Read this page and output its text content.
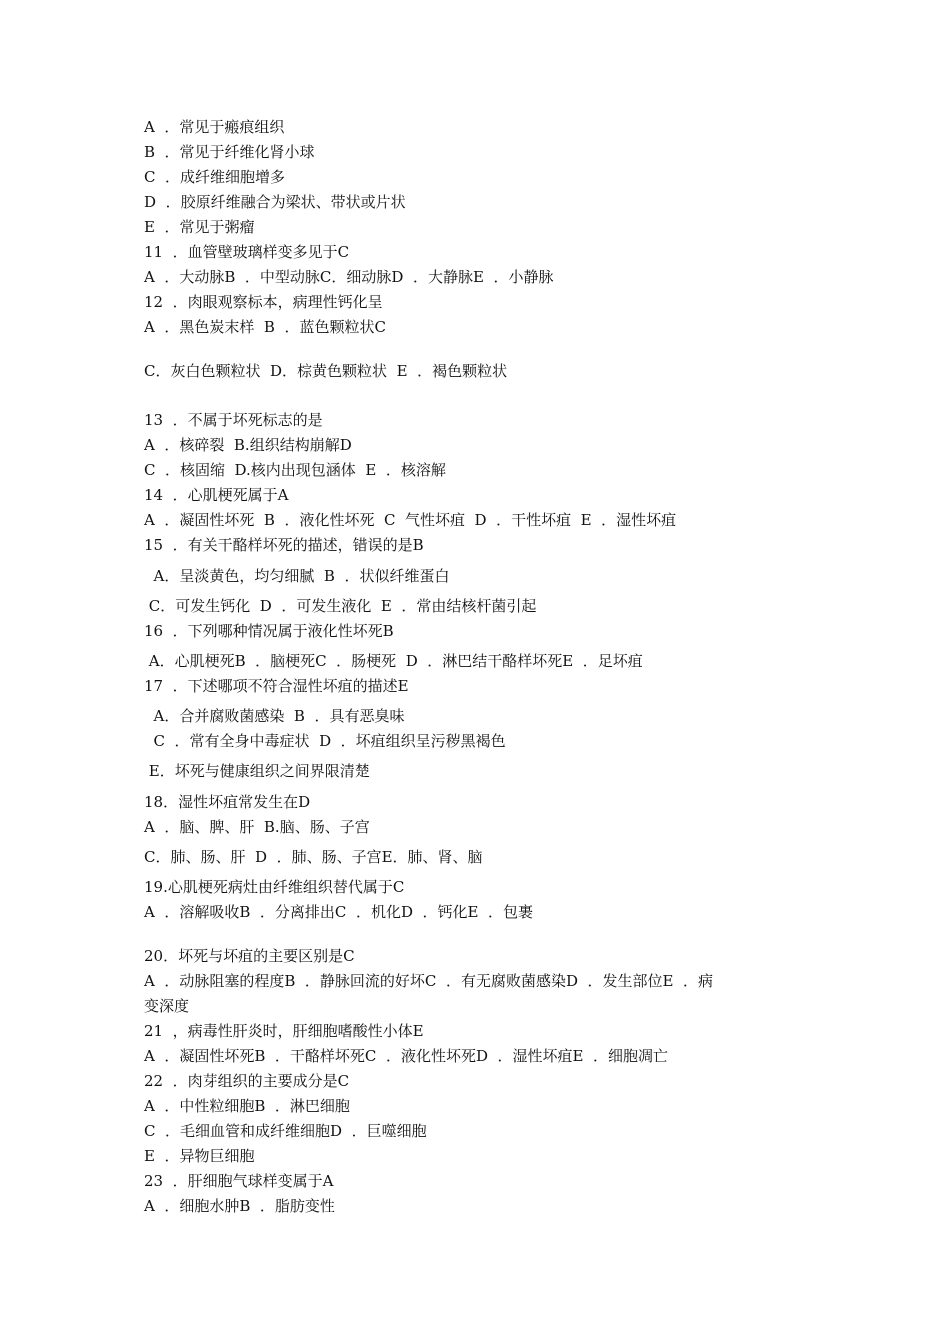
A  ．常见于瘢痕组织
B  ．常见于纤维化肾小球
C  ．成纤维细胞增多
D  ．胶原纤维融合为梁状、带状或片状
E  ．常见于粥瘤
11  ．血管壁玻璃样变多见于C
A  ．大动脉B  ．中型动脉C．细动脉D  ．大静脉E  ．小静脉
12  ．肉眼观察标本，病理性钙化呈
A  ．黑色炭末样  B  ．蓝色颗粒状C
C．灰白色颗粒状  D．棕黄色颗粒状  E  ．褐色颗粒状
13  ．不属于坏死标志的是
A  ．核碎裂  B.组织结构崩解D
C  ．核固缩  D.核内出现包涵体  E  ．核溶解
14  ．心肌梗死属于A
A  ．凝固性坏死  B  ．液化性坏死  C  气性坏疽  D  ．干性坏疽  E  ．湿性坏疽
15  ．有关干酪样坏死的描述，错误的是B
A．呈淡黄色，均匀细腻  B  ．状似纤维蛋白
C．可发生钙化  D  ．可发生液化  E  ．常由结核杆菌引起
16  ．下列哪种情况属于液化性坏死B
A．心肌梗死B  ．脑梗死C  ．肠梗死  D  ．淋巴结干酪样坏死E  ．足坏疽
17  ．下述哪项不符合湿性坏疽的描述E
A．合并腐败菌感染  B  ．具有恶臭味
C  ．常有全身中毒症状  D  ．坏疽组织呈污秽黑褐色
E．坏死与健康组织之间界限清楚
18．湿性坏疽常发生在D
A  ．脑、脾、肝  B.脑、肠、子宫
C．肺、肠、肝  D  ．肺、肠、子宫E．肺、肾、脑
19.心肌梗死病灶由纤维组织替代属于C
A  ．溶解吸收B  ．分离排出C  ．机化D  ．钙化E  ．包裹
20．坏死与坏疽的主要区别是C
A  ．动脉阻塞的程度B  ．静脉回流的好坏C  ．有无腐败菌感染D  ．发生部位E  ．病
变深度
21  ，病毒性肝炎时，肝细胞嗜酸性小体E
A  ．凝固性坏死B  ．干酪样坏死C  ．液化性坏死D  ．湿性坏疽E  ．细胞凋亡
22  ．肉芽组织的主要成分是C
A  ．中性粒细胞B  ．淋巴细胞
C  ．毛细血管和成纤维细胞D  ．巨噬细胞
E  ．异物巨细胞
23  ．肝细胞气球样变属于A
A  ．细胞水肿B  ．脂肪变性
